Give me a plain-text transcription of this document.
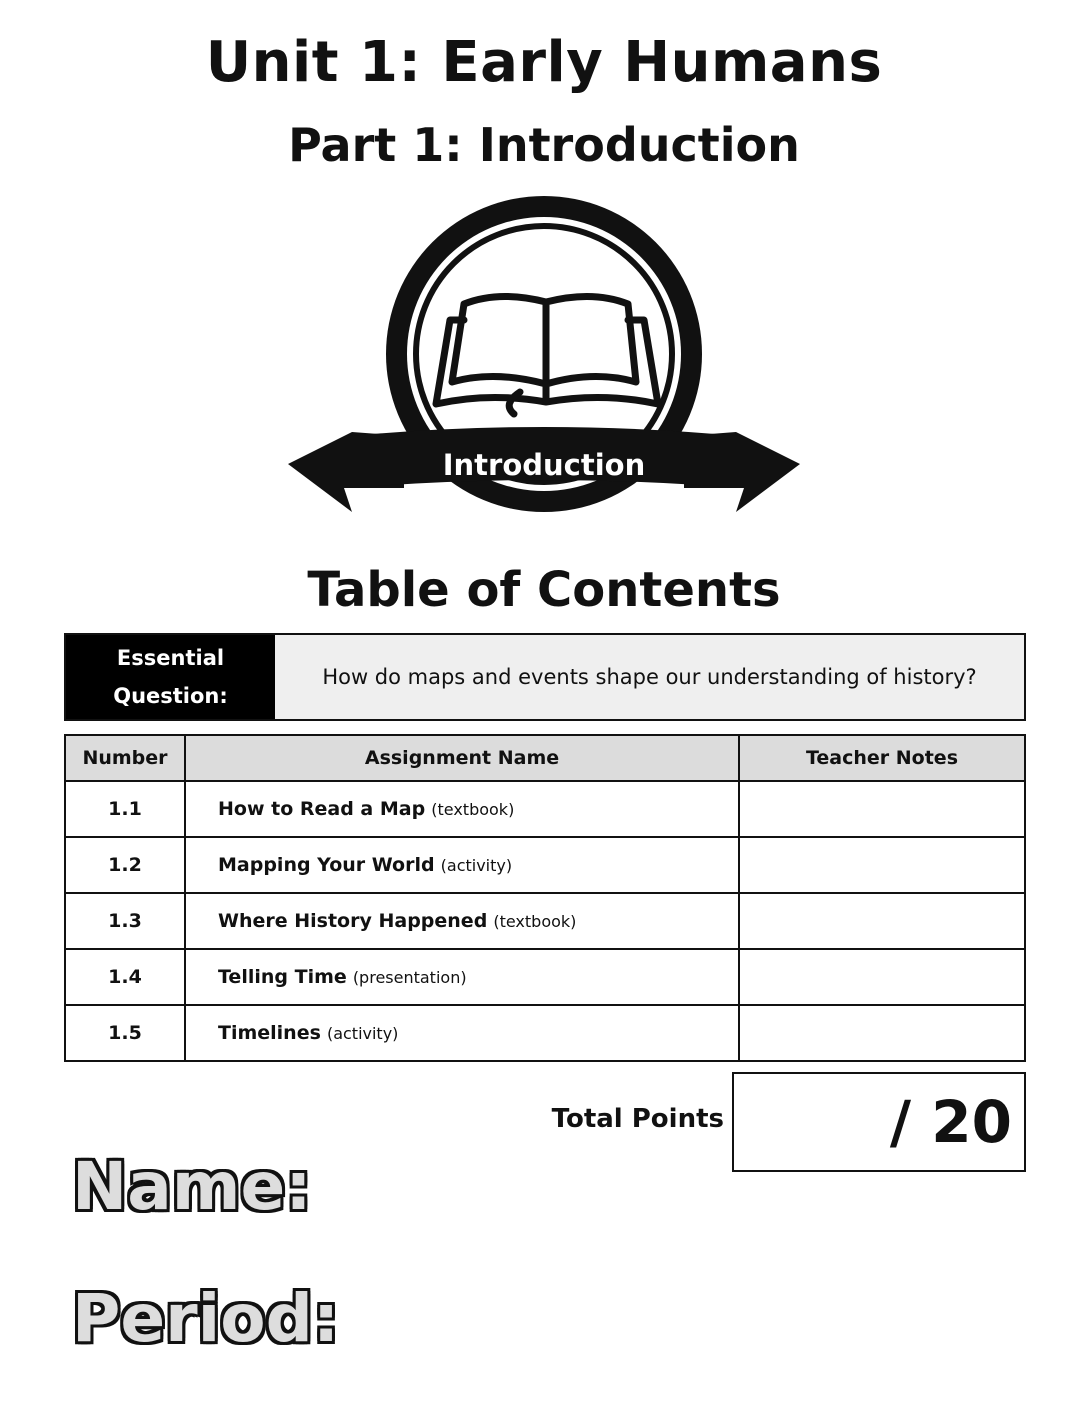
Unit 1: Early Humans
Part 1: Introduction
Introduction
Table of Contents
Essential Question:
How do maps and events shape our understanding of history?
Number	Assignment Name	Teacher Notes
1.1	How to Read a Map (textbook)	
1.2	Mapping Your World (activity)	
1.3	Where History Happened (textbook)	
1.4	Telling Time (presentation)	
1.5	Timelines (activity)	
Total Points	/ 20
Name:
Period:
